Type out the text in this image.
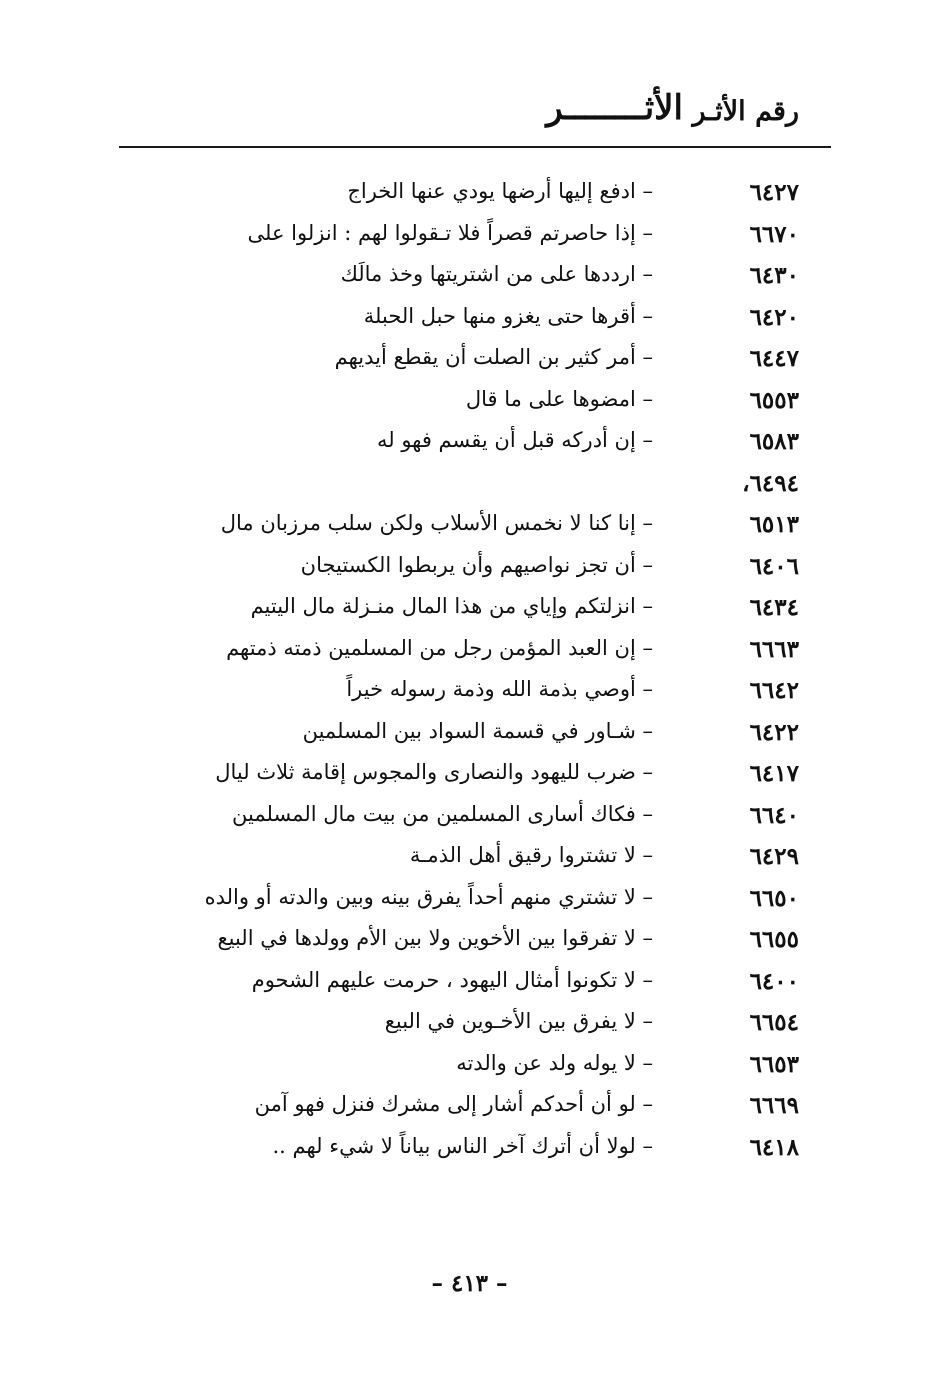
رقم الأثـر
الأثــــــــر
٦٤٢٧
– ادفع إليها أرضها يودي عنها الخراج
٦٦٧٠
– إذا حاصرتم قصراً فلا تـقولوا لهم : انزلوا على
٦٤٣٠
– ارددها على من اشتريتها وخذ مالَك
٦٤٢٠
– أقرها حتى يغزو منها حبل الحبلة
٦٤٤٧
– أمر كثير بن الصلت أن يقطع أيديهم
٦٥٥٣
– امضوها على ما قال
٦٥٨٣
– إن أدركه قبل أن يقسم فهو له
٦٤٩٤،
٦٥١٣
– إنا كنا لا نخمس الأسلاب ولكن سلب مرزبان مال
٦٤٠٦
– أن تجز نواصيهم وأن يربطوا الكستيجان
٦٤٣٤
– انزلتكم وإياي من هذا المال منـزلة مال اليتيم
٦٦٦٣
– إن العبد المؤمن رجل من المسلمين ذمته ذمتهم
٦٦٤٢
– أوصي بذمة الله وذمة رسوله خيراً
٦٤٢٢
– شـاور في قسمة السواد بين المسلمين
٦٤١٧
– ضرب لليهود والنصارى والمجوس إقامة ثلاث ليال
٦٦٤٠
– فكاك أسارى المسلمين من بيت مال المسلمين
٦٤٢٩
– لا تشتروا رقيق أهل الذمـة
٦٦٥٠
– لا تشتري منهم أحداً يفرق بينه وبين والدته أو والده
٦٦٥٥
– لا تفرقوا بين الأخوين ولا بين الأم وولدها في البيع
٦٤٠٠
– لا تكونوا أمثال اليهود ، حرمت عليهم الشحوم
٦٦٥٤
– لا يفرق بين الأخـوين في البيع
٦٦٥٣
– لا يوله ولد عن والدته
٦٦٦٩
– لو أن أحدكم أشار إلى مشرك فنزل فهو آمن
٦٤١٨
– لولا أن أترك آخر الناس بياناً لا شيء لهم ..
– ٤١٣ –
